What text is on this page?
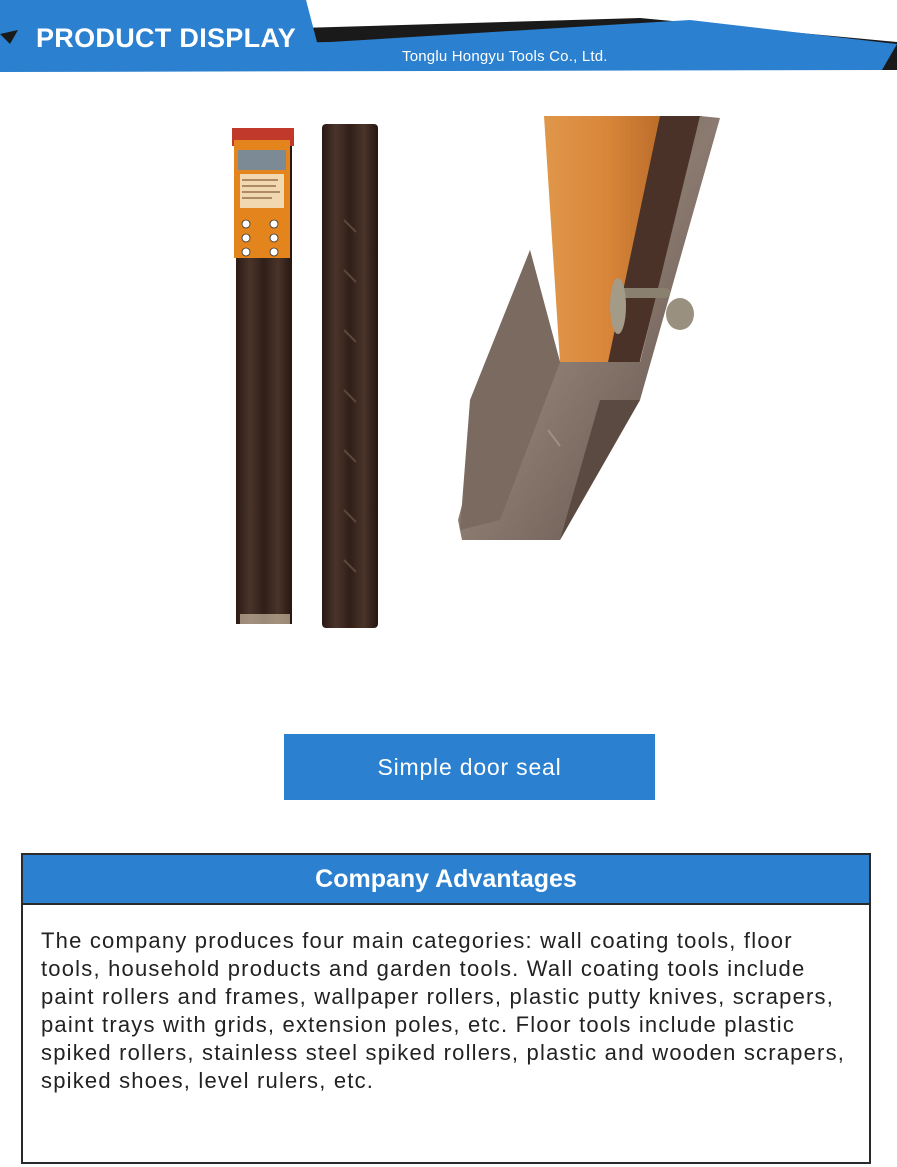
PRODUCT DISPLAY
Tonglu Hongyu Tools Co., Ltd.
Simple door seal
Company Advantages
The company produces four main categories: wall coating tools, floor tools, household products and garden tools. Wall coating tools include paint rollers and frames, wallpaper rollers, plastic putty knives, scrapers, paint trays with grids, extension poles, etc. Floor tools include plastic spiked rollers, stainless steel spiked rollers, plastic and wooden scrapers, spiked shoes, level rulers, etc.
